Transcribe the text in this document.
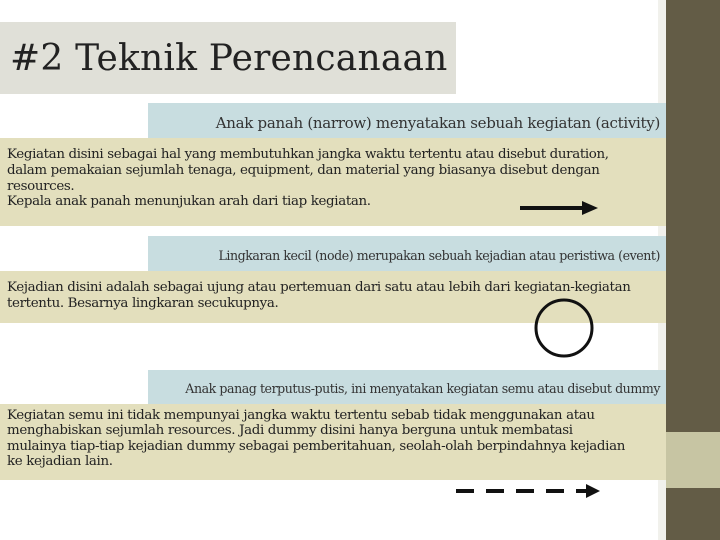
#2 Teknik Perencanaan
Anak panah (narrow) menyatakan sebuah kegiatan (activity)

Kegiatan disini sebagai hal yang membutuhkan jangka waktu tertentu atau disebut duration,

dalam pemakaian sejumlah tenaga, equipment, dan material yang biasanya disebut dengan

resources.

Kepala anak panah menunjukan arah dari tiap kegiatan.

Lingkaran kecil (node) merupakan sebuah kejadian atau peristiwa (event)

Kejadian disini adalah sebagai ujung atau pertemuan dari satu atau lebih dari kegiatan-kegiatan

tertentu. Besarnya lingkaran secukupnya.

Anak panag terputus-putis, ini menyatakan kegiatan semu atau disebut dummy

Kegiatan semu ini tidak mempunyai jangka waktu tertentu sebab tidak menggunakan atau

menghabiskan sejumlah resources. Jadi dummy disini hanya berguna untuk membatasi

mulainya tiap-tiap kejadian dummy sebagai pemberitahuan, seolah-olah berpindahnya kejadian

ke kejadian lain.
